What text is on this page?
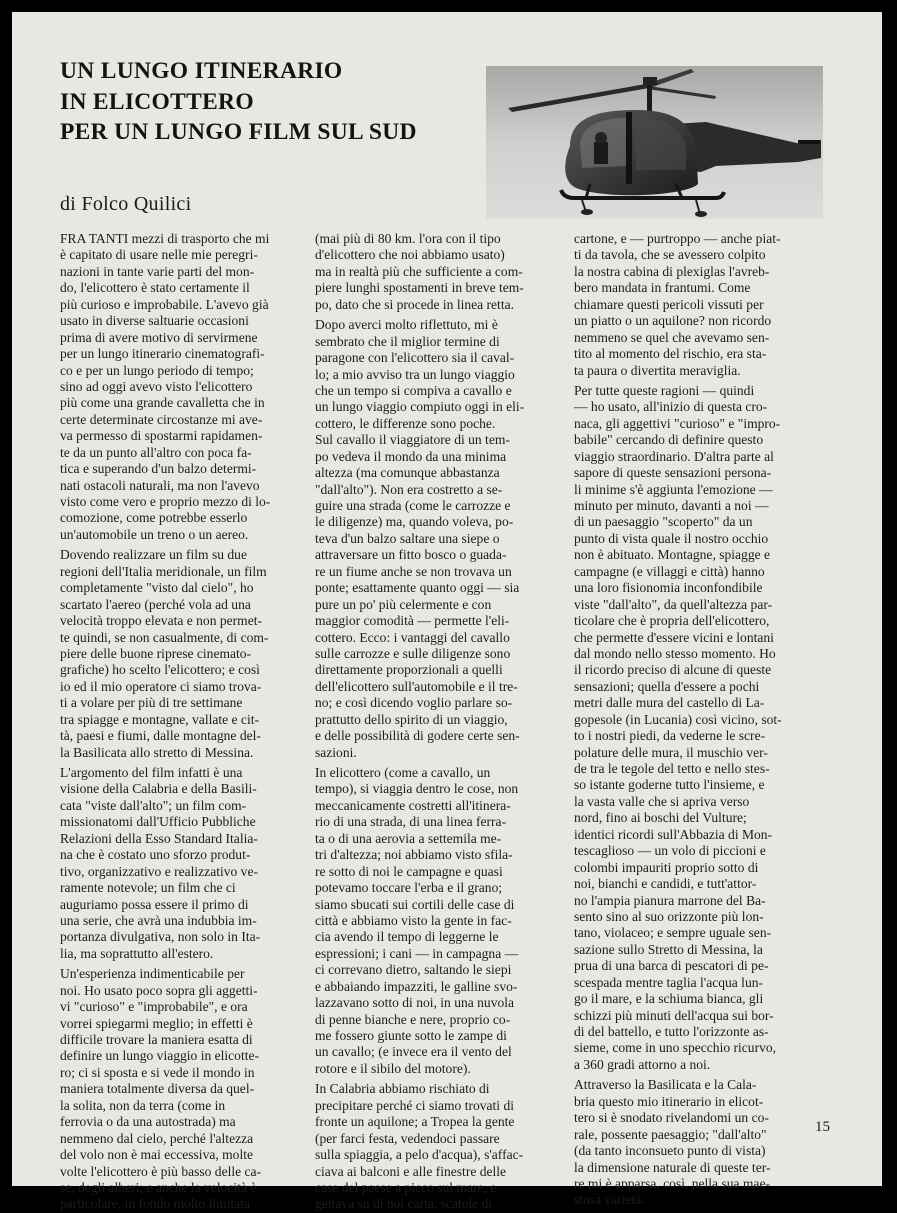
UN LUNGO ITINERARIO
IN ELICOTTERO
PER UN LUNGO FILM SUL SUD
di Folco Quilici
FRA TANTI mezzi di trasporto che mi
è capitato di usare nelle mie peregri-
nazioni in tante varie parti del mon-
do, l'elicottero è stato certamente il
più curioso e improbabile. L'avevo già
usato in diverse saltuarie occasioni
prima di avere motivo di servirmene
per un lungo itinerario cinematografi-
co e per un lungo periodo di tempo;
sino ad oggi avevo visto l'elicottero
più come una grande cavalletta che in
certe determinate circostanze mi ave-
va permesso di spostarmi rapidamen-
te da un punto all'altro con poca fa-
tica e superando d'un balzo determi-
nati ostacoli naturali, ma non l'avevo
visto come vero e proprio mezzo di lo-
comozione, come potrebbe esserlo
un'automobile un treno o un aereo.
Dovendo realizzare un film su due
regioni dell'Italia meridionale, un film
completamente "visto dal cielo", ho
scartato l'aereo (perché vola ad una
velocità troppo elevata e non permet-
te quindi, se non casualmente, di com-
piere delle buone riprese cinemato-
grafiche) ho scelto l'elicottero; e così
io ed il mio operatore ci siamo trova-
ti a volare per più di tre settimane
tra spiagge e montagne, vallate e cit-
tà, paesi e fiumi, dalle montagne del-
la Basilicata allo stretto di Messina.
L'argomento del film infatti è una
visione della Calabria e della Basili-
cata "viste dall'alto"; un film com-
missionatomi dall'Ufficio Pubbliche
Relazioni della Esso Standard Italia-
na che è costato uno sforzo produt-
tivo, organizzativo e realizzativo ve-
ramente notevole; un film che ci
auguriamo possa essere il primo di
una serie, che avrà una indubbia im-
portanza divulgativa, non solo in Ita-
lia, ma soprattutto all'estero.
Un'esperienza indimenticabile per
noi. Ho usato poco sopra gli aggetti-
vi "curioso" e "improbabile", e ora
vorrei spiegarmi meglio; in effetti è
difficile trovare la maniera esatta di
definire un lungo viaggio in elicotte-
ro; ci si sposta e si vede il mondo in
maniera totalmente diversa da quel-
la solita, non da terra (come in
ferrovia o da una autostrada) ma
nemmeno dal cielo, perché l'altezza
del volo non è mai eccessiva, molte
volte l'elicottero è più basso delle ca-
se, degli alberi; e anche la velocità è
particolare, in fondo molto limitata
(mai più di 80 km. l'ora con il tipo
d'elicottero che noi abbiamo usato)
ma in realtà più che sufficiente a com-
piere lunghi spostamenti in breve tem-
po, dato che si procede in linea retta.
Dopo averci molto riflettuto, mi è
sembrato che il miglior termine di
paragone con l'elicottero sia il caval-
lo; a mio avviso tra un lungo viaggio
che un tempo si compiva a cavallo e
un lungo viaggio compiuto oggi in eli-
cottero, le differenze sono poche.
Sul cavallo il viaggiatore di un tem-
po vedeva il mondo da una minima
altezza (ma comunque abbastanza
"dall'alto"). Non era costretto a se-
guire una strada (come le carrozze e
le diligenze) ma, quando voleva, po-
teva d'un balzo saltare una siepe o
attraversare un fitto bosco o guada-
re un fiume anche se non trovava un
ponte; esattamente quanto oggi — sia
pure un po' più celermente e con
maggior comodità — permette l'eli-
cottero. Ecco: i vantaggi del cavallo
sulle carrozze e sulle diligenze sono
direttamente proporzionali a quelli
dell'elicottero sull'automobile e il tre-
no; e così dicendo voglio parlare so-
prattutto dello spirito di un viaggio,
e delle possibilità di godere certe sen-
sazioni.
In elicottero (come a cavallo, un
tempo), si viaggia dentro le cose, non
meccanicamente costretti all'itinera-
rio di una strada, di una linea ferra-
ta o di una aerovia a settemila me-
tri d'altezza; noi abbiamo visto sfila-
re sotto di noi le campagne e quasi
potevamo toccare l'erba e il grano;
siamo sbucati sui cortili delle case di
città e abbiamo visto la gente in fac-
cia avendo il tempo di leggerne le
espressioni; i cani — in campagna —
ci correvano dietro, saltando le siepi
e abbaiando impazziti, le galline svo-
lazzavano sotto di noi, in una nuvola
di penne bianche e nere, proprio co-
me fossero giunte sotto le zampe di
un cavallo; (e invece era il vento del
rotore e il sibilo del motore).
In Calabria abbiamo rischiato di
precipitare perché ci siamo trovati di
fronte un aquilone; a Tropea la gente
(per farci festa, vedendoci passare
sulla spiaggia, a pelo d'acqua), s'affac-
ciava ai balconi e alle finestre delle
case del paese a picco sul mare, e
gettava su di noi carta, scatole di
cartone, e — purtroppo — anche piat-
ti da tavola, che se avessero colpito
la nostra cabina di plexiglas l'avreb-
bero mandata in frantumi. Come
chiamare questi pericoli vissuti per
un piatto o un aquilone? non ricordo
nemmeno se quel che avevamo sen-
tito al momento del rischio, era sta-
ta paura o divertita meraviglia.
Per tutte queste ragioni — quindi
— ho usato, all'inizio di questa cro-
naca, gli aggettivi "curioso" e "impro-
babile" cercando di definire questo
viaggio straordinario. D'altra parte al
sapore di queste sensazioni persona-
li minime s'è aggiunta l'emozione —
minuto per minuto, davanti a noi —
di un paesaggio "scoperto" da un
punto di vista quale il nostro occhio
non è abituato. Montagne, spiagge e
campagne (e villaggi e città) hanno
una loro fisionomia inconfondibile
viste "dall'alto", da quell'altezza par-
ticolare che è propria dell'elicottero,
che permette d'essere vicini e lontani
dal mondo nello stesso momento. Ho
il ricordo preciso di alcune di queste
sensazioni; quella d'essere a pochi
metri dalle mura del castello di La-
gopesole (in Lucania) così vicino, sot-
to i nostri piedi, da vederne le scre-
polature delle mura, il muschio ver-
de tra le tegole del tetto e nello stes-
so istante goderne tutto l'insieme, e
la vasta valle che si apriva verso
nord, fino ai boschi del Vulture;
identici ricordi sull'Abbazia di Mon-
tescaglioso — un volo di piccioni e
colombi impauriti proprio sotto di
noi, bianchi e candidi, e tutt'attor-
no l'ampia pianura marrone del Ba-
sento sino al suo orizzonte più lon-
tano, violaceo; e sempre uguale sen-
sazione sullo Stretto di Messina, la
prua di una barca di pescatori di pe-
scespada mentre taglia l'acqua lun-
go il mare, e la schiuma bianca, gli
schizzi più minuti dell'acqua sui bor-
di del battello, e tutto l'orizzonte as-
sieme, come in uno specchio ricurvo,
a 360 gradi attorno a noi.
Attraverso la Basilicata e la Cala-
bria questo mio itinerario in elicot-
tero si è snodato rivelandomi un co-
rale, possente paesaggio; "dall'alto"
(da tanto inconsueto punto di vista)
la dimensione naturale di queste ter-
re mi è apparsa, così, nella sua mae-
stosa varietà.
15
